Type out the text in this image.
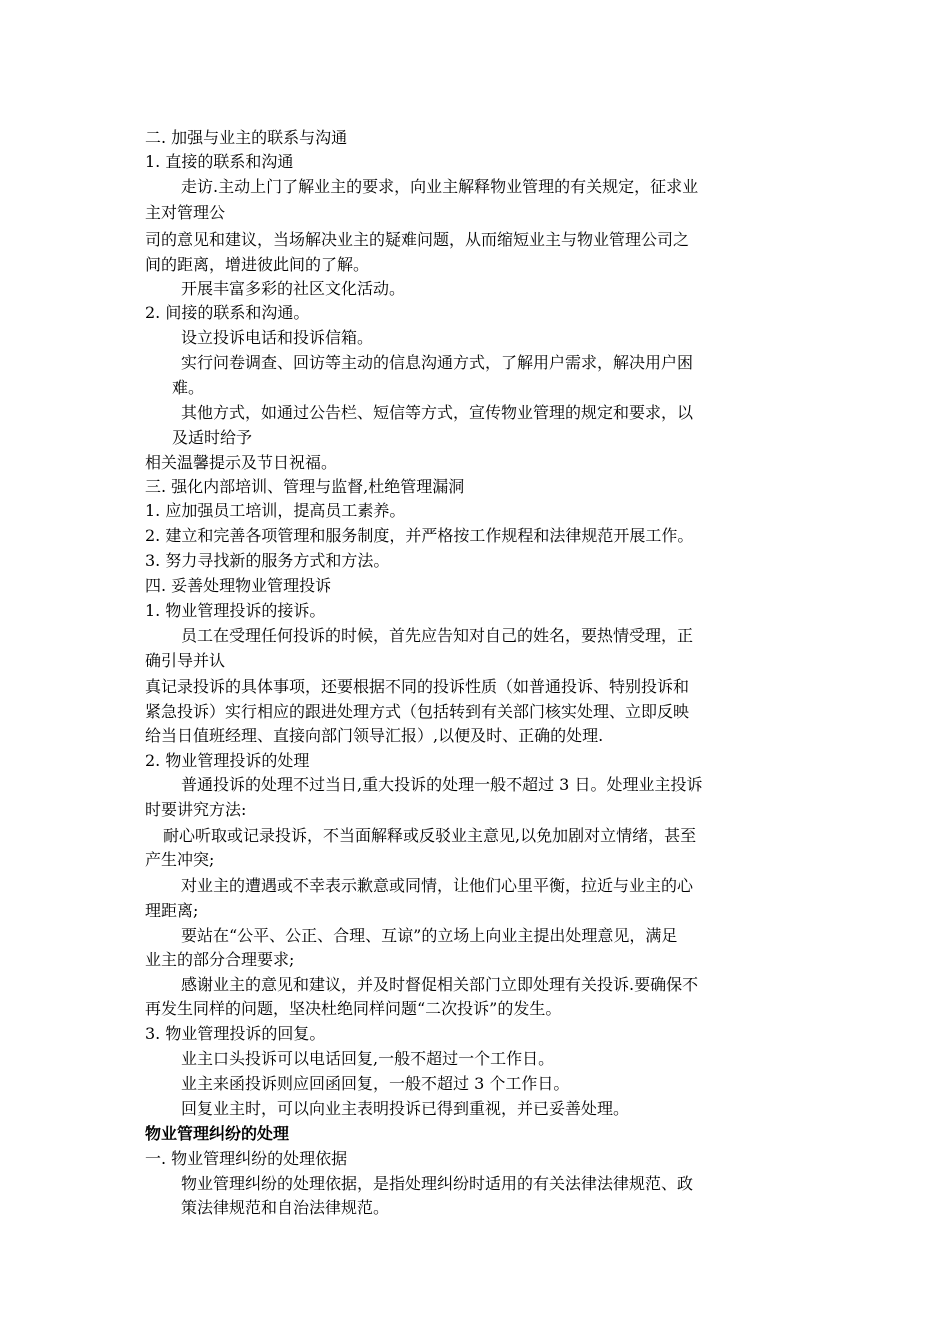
二. 加强与业主的联系与沟通
1. 直接的联系和沟通
走访.主动上门了解业主的要求，向业主解释物业管理的有关规定，征求业
主对管理公
司的意见和建议，当场解决业主的疑难问题，从而缩短业主与物业管理公司之
间的距离，增进彼此间的了解。
开展丰富多彩的社区文化活动。
2. 间接的联系和沟通。
设立投诉电话和投诉信箱。
实行问卷调查、回访等主动的信息沟通方式，了解用户需求，解决用户困
难。
其他方式，如通过公告栏、短信等方式，宣传物业管理的规定和要求，以
及适时给予
相关温馨提示及节日祝福。
三. 强化内部培训、管理与监督,杜绝管理漏洞
1. 应加强员工培训，提高员工素养。
2. 建立和完善各项管理和服务制度，并严格按工作规程和法律规范开展工作。
3. 努力寻找新的服务方式和方法。
四. 妥善处理物业管理投诉
1. 物业管理投诉的接诉。
员工在受理任何投诉的时候，首先应告知对自己的姓名，要热情受理，正
确引导并认
真记录投诉的具体事项，还要根据不同的投诉性质（如普通投诉、特别投诉和
紧急投诉）实行相应的跟进处理方式（包括转到有关部门核实处理、立即反映
给当日值班经理、直接向部门领导汇报）,以便及时、正确的处理.
2. 物业管理投诉的处理
普通投诉的处理不过当日,重大投诉的处理一般不超过 3 日。处理业主投诉
时要讲究方法:
耐心听取或记录投诉，不当面解释或反驳业主意见,以免加剧对立情绪，甚至
产生冲突;
对业主的遭遇或不幸表示歉意或同情，让他们心里平衡，拉近与业主的心
理距离;
要站在“公平、公正、合理、互谅”的立场上向业主提出处理意见，满足
业主的部分合理要求;
感谢业主的意见和建议，并及时督促相关部门立即处理有关投诉.要确保不
再发生同样的问题，坚决杜绝同样问题“二次投诉”的发生。
3. 物业管理投诉的回复。
业主口头投诉可以电话回复,一般不超过一个工作日。
业主来函投诉则应回函回复，一般不超过 3 个工作日。
回复业主时，可以向业主表明投诉已得到重视，并已妥善处理。
物业管理纠纷的处理
一. 物业管理纠纷的处理依据
物业管理纠纷的处理依据，是指处理纠纷时适用的有关法律法律规范、政
策法律规范和自治法律规范。
